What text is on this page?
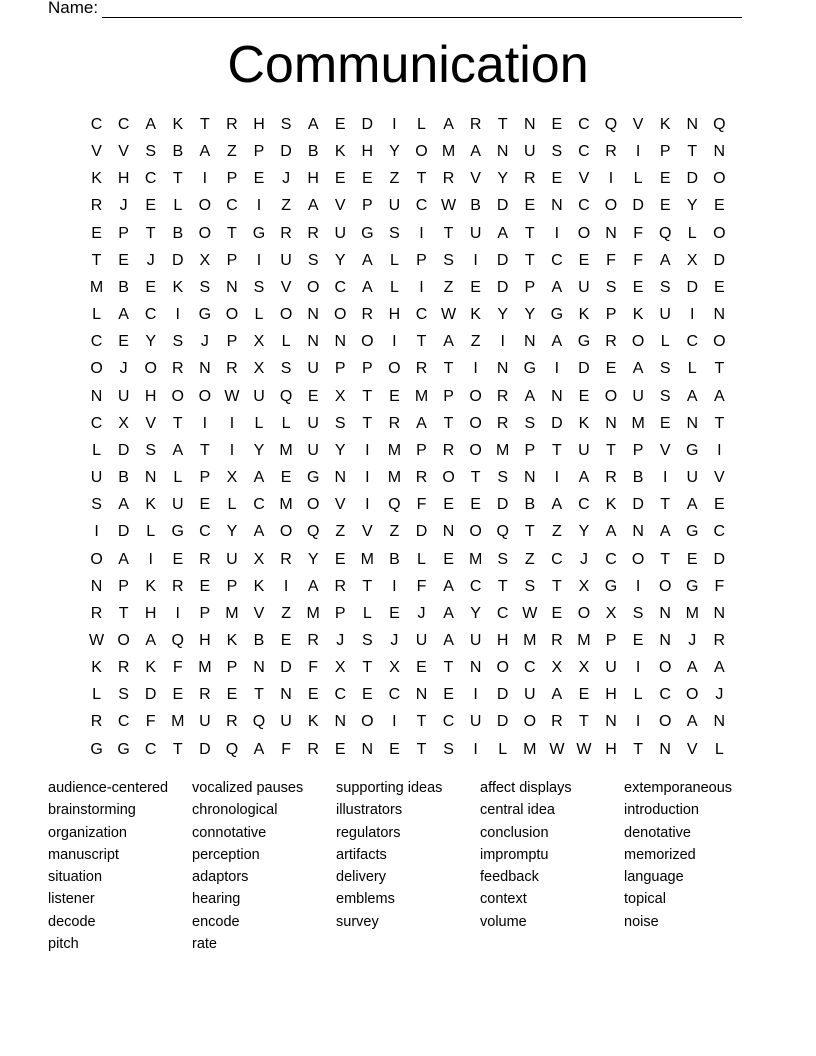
Name:
Communication
C C A	K	T	R H S	A	E D	I	L	A R	T	N E C Q V	K N Q
V	V	S	B	A	Z	P D B	K H Y O M A N U S C R	I	P	T	N
K H C	T	I	P	E	J	H E	E	Z	T	R V	Y R E	V	I	L	E D O
R	J	E	L	O C	I	Z	A	V	P U C W B D E N C O D E	Y	E
E	P	T	B O T G R R U G S	I	T	U A	T	I	O N	F Q	L	O
T	E	J	D X	P	I	U S	Y	A	L	P	S	I	D	T	C E	F	F	A	X D
M B	E	K	S N S	V O C A	L	I	Z	E D P	A U S	E	S D E
L	A C	I	G O	L	O N O R H C W K	Y	Y G K	P	K U	I	N
C E	Y	S	J	P	X	L	N N O	I	T	A	Z	I	N A G R O	L	C O
O	J	O R N R X	S U P	P O R	T	I	N G	I	D E	A	S	L	T
N U H O O W U Q E	X	T	E M P O R A N E O U S	A	A
C X	V	T	I	I	L	L	U S	T	R A	T O R S D K N M E N	T
L	D S	A	T	I	Y M U Y	I	M P R O M P	T	U	T	P	V G	I
U B N	L	P	X	A	E G N	I	M R O T	S N	I	A R B	I	U V
S	A	K U E	L	C M O V	I	Q F	E	E D B	A C K D	T	A	E
I	D	L	G C Y	A O Q Z	V	Z	D N O Q T	Z	Y	A N A G C
O A	I	E R U X R Y	E M B	L	E M S	Z	C	J	C O T	E D
N P	K R E	P	K	I	A R	T	I	F	A C	T	S	T	X G	I	O G F
R	T	H	I	P M V	Z M P	L	E	J	A	Y C W E O X	S N M N
W O A Q H K	B	E R	J	S	J	U A U H M R M P	E N	J	R
K R K	F M P N D	F	X	T	X	E	T	N O C X	X U	I	O A	A
L	S D E R E	T	N E C E C N E	I	D U A	E H	L	C O	J
R C	F M U R Q U K N O	I	T	C U D O R	T	N	I	O A N
G G C	T	D Q A	F	R E N E	T	S	I	L M W W H	T	N V	L
audience-centered	vocalized pauses	supporting ideas	affect displays	extemporaneous
brainstorming	chronological	illustrators	central idea	introduction
organization	connotative	regulators	conclusion	denotative
manuscript	perception	artifacts	impromptu	memorized
situation	adaptors	delivery	feedback	language
listener	hearing	emblems	context	topical
decode	encode	survey	volume	noise
pitch	rate
